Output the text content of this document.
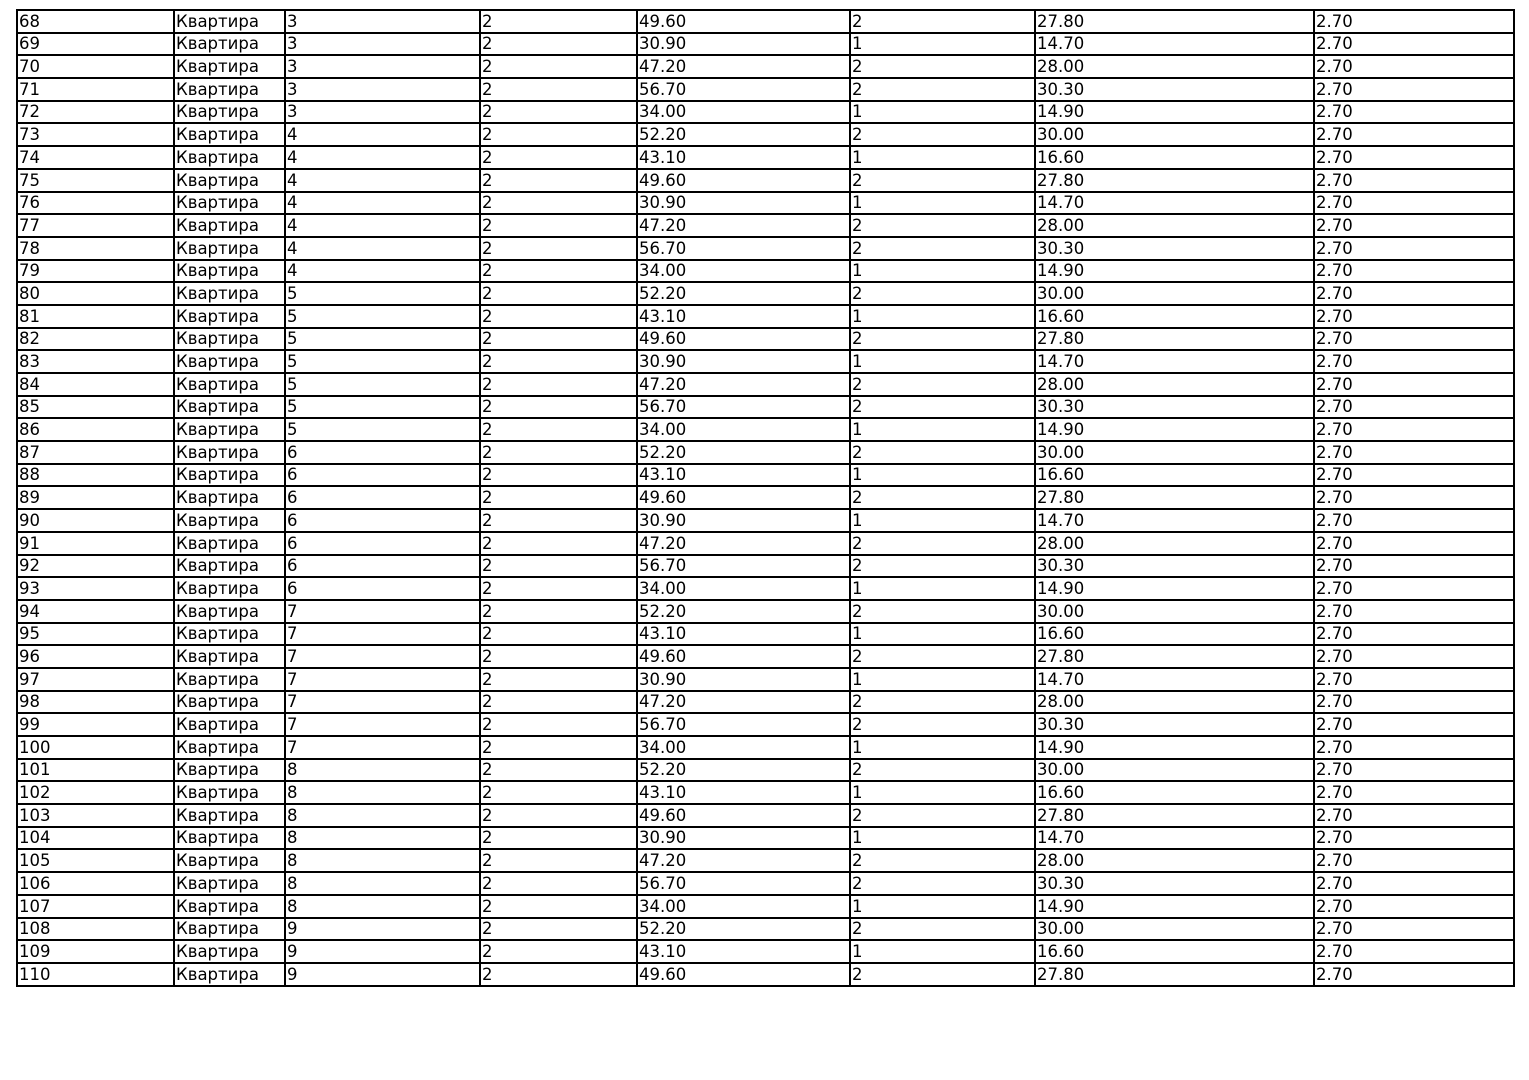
68	Квартира	3	2	49.60	2	27.80	2.70
69	Квартира	3	2	30.90	1	14.70	2.70
70	Квартира	3	2	47.20	2	28.00	2.70
71	Квартира	3	2	56.70	2	30.30	2.70
72	Квартира	3	2	34.00	1	14.90	2.70
73	Квартира	4	2	52.20	2	30.00	2.70
74	Квартира	4	2	43.10	1	16.60	2.70
75	Квартира	4	2	49.60	2	27.80	2.70
76	Квартира	4	2	30.90	1	14.70	2.70
77	Квартира	4	2	47.20	2	28.00	2.70
78	Квартира	4	2	56.70	2	30.30	2.70
79	Квартира	4	2	34.00	1	14.90	2.70
80	Квартира	5	2	52.20	2	30.00	2.70
81	Квартира	5	2	43.10	1	16.60	2.70
82	Квартира	5	2	49.60	2	27.80	2.70
83	Квартира	5	2	30.90	1	14.70	2.70
84	Квартира	5	2	47.20	2	28.00	2.70
85	Квартира	5	2	56.70	2	30.30	2.70
86	Квартира	5	2	34.00	1	14.90	2.70
87	Квартира	6	2	52.20	2	30.00	2.70
88	Квартира	6	2	43.10	1	16.60	2.70
89	Квартира	6	2	49.60	2	27.80	2.70
90	Квартира	6	2	30.90	1	14.70	2.70
91	Квартира	6	2	47.20	2	28.00	2.70
92	Квартира	6	2	56.70	2	30.30	2.70
93	Квартира	6	2	34.00	1	14.90	2.70
94	Квартира	7	2	52.20	2	30.00	2.70
95	Квартира	7	2	43.10	1	16.60	2.70
96	Квартира	7	2	49.60	2	27.80	2.70
97	Квартира	7	2	30.90	1	14.70	2.70
98	Квартира	7	2	47.20	2	28.00	2.70
99	Квартира	7	2	56.70	2	30.30	2.70
100	Квартира	7	2	34.00	1	14.90	2.70
101	Квартира	8	2	52.20	2	30.00	2.70
102	Квартира	8	2	43.10	1	16.60	2.70
103	Квартира	8	2	49.60	2	27.80	2.70
104	Квартира	8	2	30.90	1	14.70	2.70
105	Квартира	8	2	47.20	2	28.00	2.70
106	Квартира	8	2	56.70	2	30.30	2.70
107	Квартира	8	2	34.00	1	14.90	2.70
108	Квартира	9	2	52.20	2	30.00	2.70
109	Квартира	9	2	43.10	1	16.60	2.70
110	Квартира	9	2	49.60	2	27.80	2.70
